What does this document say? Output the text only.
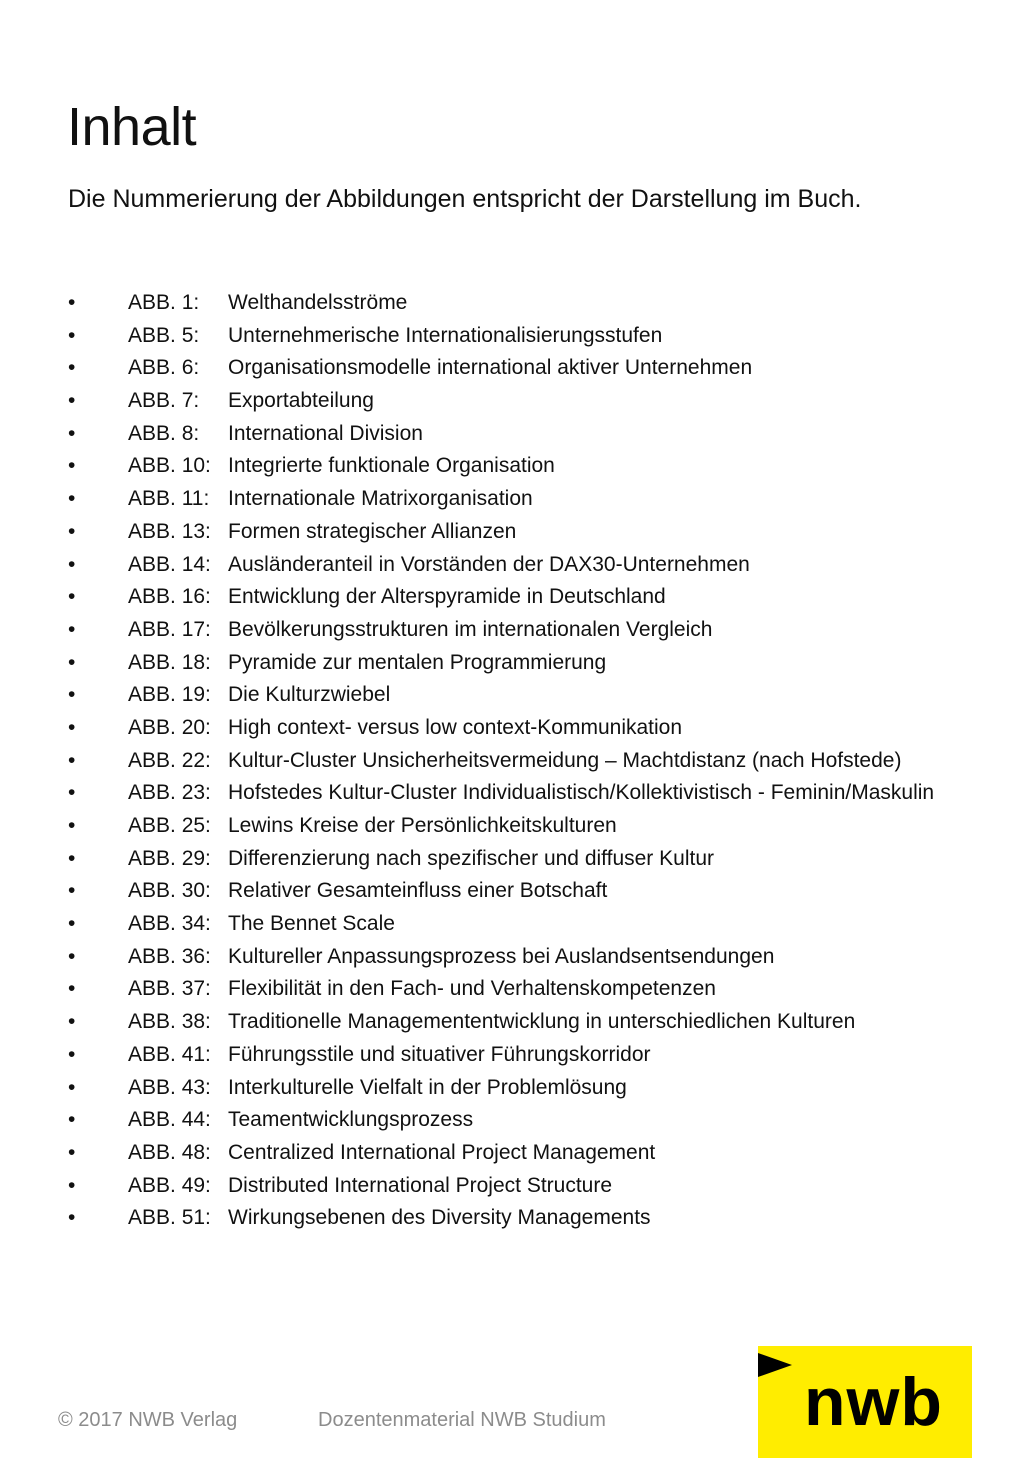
Inhalt

Die Nummerierung der Abbildungen entspricht der Darstellung im Buch.

•	ABB. 1: Welthandelsströme
•	ABB. 5: Unternehmerische Internationalisierungsstufen
•	ABB. 6: Organisationsmodelle international aktiver Unternehmen
•	ABB. 7: Exportabteilung
•	ABB. 8: International Division
•	ABB. 10: Integrierte funktionale Organisation
•	ABB. 11: Internationale Matrixorganisation
•	ABB. 13: Formen strategischer Allianzen
•	ABB. 14: Ausländeranteil in Vorständen der DAX30-Unternehmen
•	ABB. 16: Entwicklung der Alterspyramide in Deutschland
•	ABB. 17: Bevölkerungsstrukturen im internationalen Vergleich
•	ABB. 18: Pyramide zur mentalen Programmierung
•	ABB. 19: Die Kulturzwiebel
•	ABB. 20: High context- versus low context-Kommunikation
•	ABB. 22: Kultur-Cluster Unsicherheitsvermeidung – Machtdistanz (nach Hofstede)
•	ABB. 23: Hofstedes Kultur-Cluster Individualistisch/Kollektivistisch - Feminin/Maskulin
•	ABB. 25: Lewins Kreise der Persönlichkeitskulturen
•	ABB. 29: Differenzierung nach spezifischer und diffuser Kultur
•	ABB. 30: Relativer Gesamteinfluss einer Botschaft
•	ABB. 34: The Bennet Scale
•	ABB. 36: Kultureller Anpassungsprozess bei Auslandsentsendungen
•	ABB. 37: Flexibilität in den Fach- und Verhaltenskompetenzen
•	ABB. 38: Traditionelle Managemententwicklung in unterschiedlichen Kulturen
•	ABB. 41: Führungsstile und situativer Führungskorridor
•	ABB. 43: Interkulturelle Vielfalt in der Problemlösung
•	ABB. 44: Teamentwicklungsprozess
•	ABB. 48: Centralized International Project Management
•	ABB. 49: Distributed International Project Structure
•	ABB. 51: Wirkungsebenen des Diversity Managements
© 2017 NWB Verlag	Dozentenmaterial NWB Studium	nwb
